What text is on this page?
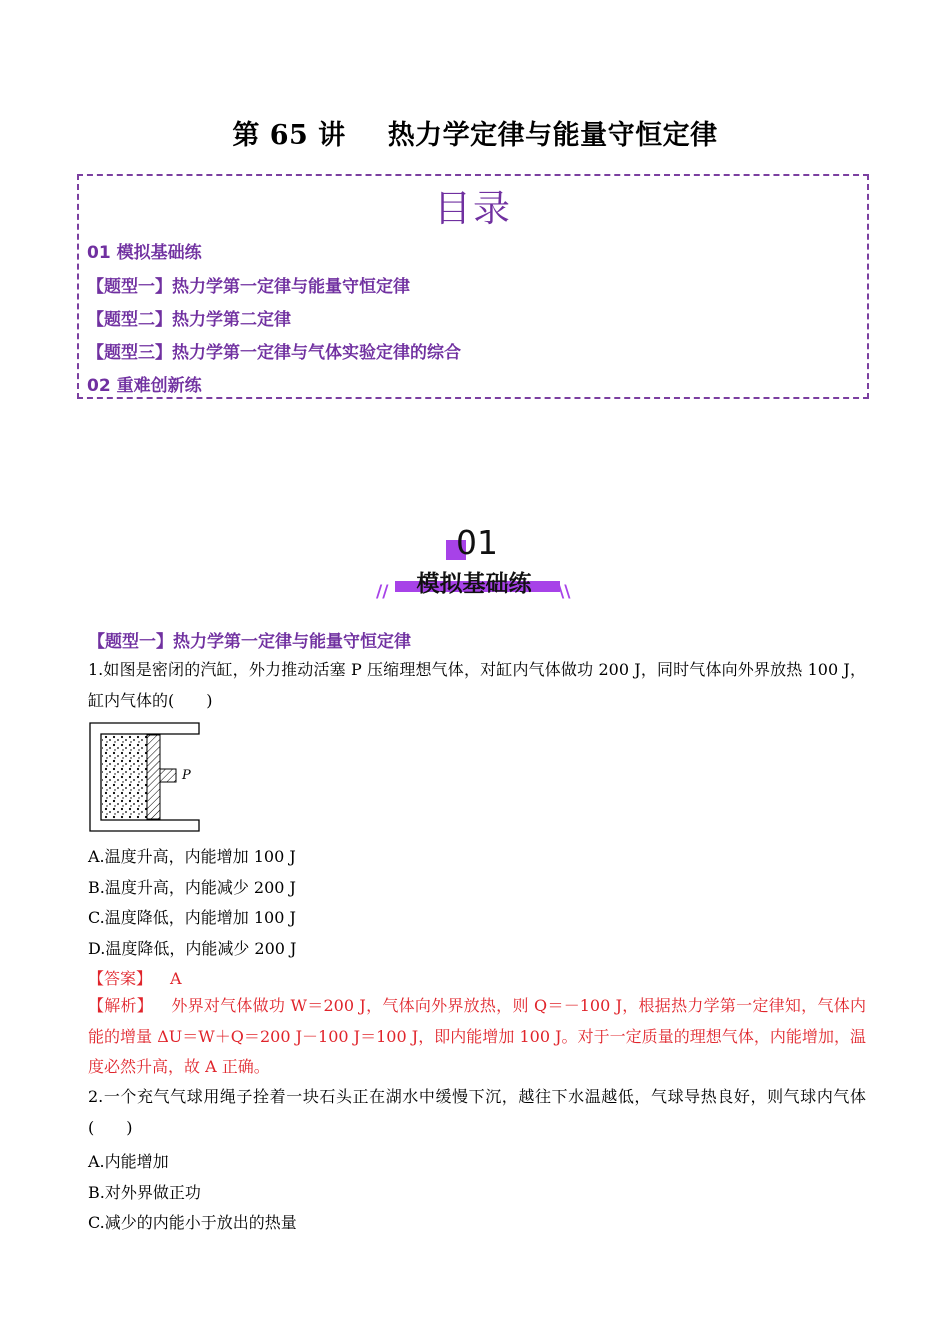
第 65 讲 热力学定律与能量守恒定律
目录
01 模拟基础练
【题型一】热力学第一定律与能量守恒定律
【题型二】热力学第二定律
【题型三】热力学第一定律与气体实验定律的综合
02 重难创新练
01
模拟基础练
//	\\
【题型一】热力学第一定律与能量守恒定律
1.如图是密闭的汽缸，外力推动活塞 P 压缩理想气体，对缸内气体做功 200 J，同时气体向外界放热 100 J，缸内气体的(　　)
P
A.温度升高，内能增加 100 J
B.温度升高，内能减少 200 J
C.温度降低，内能增加 100 J
D.温度降低，内能减少 200 J
【答案】 A
【解析】 外界对气体做功 W＝200 J，气体向外界放热，则 Q＝－100 J，根据热力学第一定律知，气体内能的增量 ΔU＝W＋Q＝200 J－100 J＝100 J，即内能增加 100 J。对于一定质量的理想气体，内能增加，温度必然升高，故 A 正确。
2.一个充气气球用绳子拴着一块石头正在湖水中缓慢下沉，越往下水温越低，气球导热良好，则气球内气体(　　)
A.内能增加
B.对外界做正功
C.减少的内能小于放出的热量
